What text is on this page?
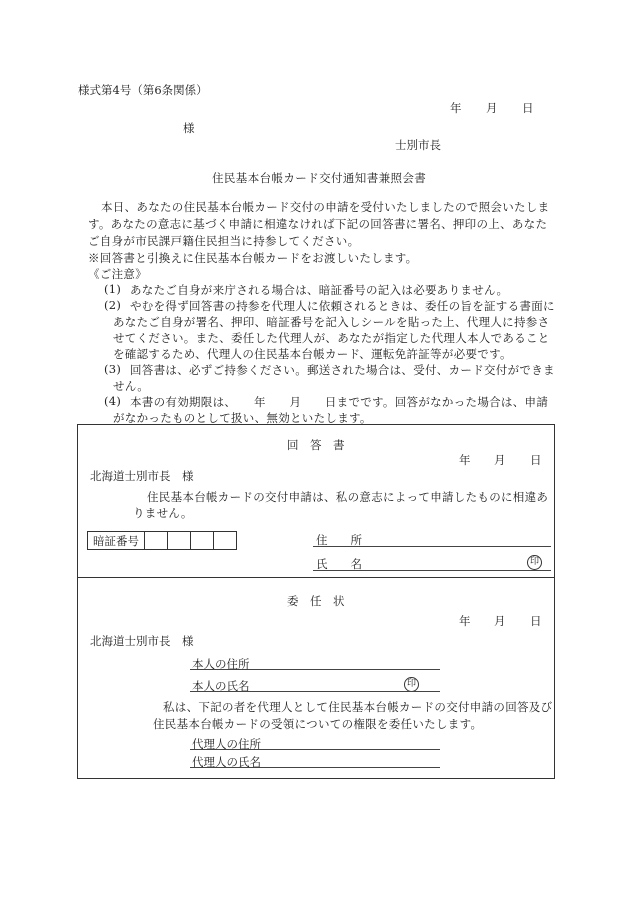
様式第4号（第6条関係）
年 月 日
様
士別市長
住民基本台帳カード交付通知書兼照会書
本日、あなたの住民基本台帳カード交付の申請を受付いたしましたので照会いたしま
す。あなたの意志に基づく申請に相違なければ下記の回答書に署名、押印の上、あなた
ご自身が市民課戸籍住民担当に持参してください。
※回答書と引換えに住民基本台帳カードをお渡しいたします。
《ご注意》
(1) あなたご自身が来庁される場合は、暗証番号の記入は必要ありません。
(2) やむを得ず回答書の持参を代理人に依頼されるときは、委任の旨を証する書面に
あなたご自身が署名、押印、暗証番号を記入しシールを貼った上、代理人に持参さ
せてください。また、委任した代理人が、あなたが指定した代理人本人であること
を確認するため、代理人の住民基本台帳カード、運転免許証等が必要です。
(3) 回答書は、必ずご持参ください。郵送された場合は、受付、カード交付ができま
せん。
(4) 本書の有効期限は、　　年　　月　　日までです。回答がなかった場合は、申請
がなかったものとして扱い、無効といたします。
回　答　書
年 月 日
北海道士別市長　様
住民基本台帳カードの交付申請は、私の意志によって申請したものに相違あ
りません。
暗証番号					住　　所
氏　　名	印
委　任　状
年 月 日
北海道士別市長　様
本人の住所
本人の氏名	印
私は、下記の者を代理人として住民基本台帳カードの交付申請の回答及び
住民基本台帳カードの受領についての権限を委任いたします。
代理人の住所
代理人の氏名
